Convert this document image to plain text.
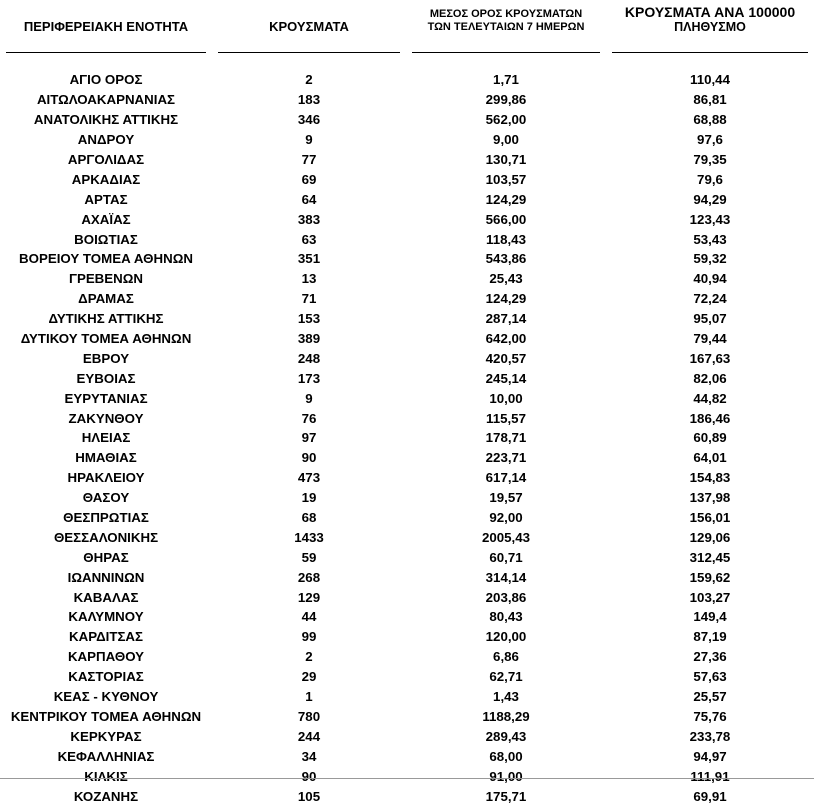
ΠΕΡΙΦΕΡΕΙΑΚΗ ΕΝΟΤΗΤΑ	ΚΡΟΥΣΜΑΤΑ	ΜΕΣΟΣ ΟΡΟΣ ΚΡΟΥΣΜΑΤΩΝ
ΤΩΝ ΤΕΛΕΥΤΑΙΩΝ 7 ΗΜΕΡΩΝ	ΚΡΟΥΣΜΑΤΑ ΑΝΑ 100000
ΠΛΗΘΥΣΜΟ

ΑΓΙΟ ΟΡΟΣ	2	1,71	110,44
ΑΙΤΩΛΟΑΚΑΡΝΑΝΙΑΣ	183	299,86	86,81
ΑΝΑΤΟΛΙΚΗΣ ΑΤΤΙΚΗΣ	346	562,00	68,88
ΑΝΔΡΟΥ	9	9,00	97,6
ΑΡΓΟΛΙΔΑΣ	77	130,71	79,35
ΑΡΚΑΔΙΑΣ	69	103,57	79,6
ΑΡΤΑΣ	64	124,29	94,29
ΑΧΑΪΑΣ	383	566,00	123,43
ΒΟΙΩΤΙΑΣ	63	118,43	53,43
ΒΟΡΕΙΟΥ ΤΟΜΕΑ ΑΘΗΝΩΝ	351	543,86	59,32
ΓΡΕΒΕΝΩΝ	13	25,43	40,94
ΔΡΑΜΑΣ	71	124,29	72,24
ΔΥΤΙΚΗΣ ΑΤΤΙΚΗΣ	153	287,14	95,07
ΔΥΤΙΚΟΥ ΤΟΜΕΑ ΑΘΗΝΩΝ	389	642,00	79,44
ΕΒΡΟΥ	248	420,57	167,63
ΕΥΒΟΙΑΣ	173	245,14	82,06
ΕΥΡΥΤΑΝΙΑΣ	9	10,00	44,82
ΖΑΚΥΝΘΟΥ	76	115,57	186,46
ΗΛΕΙΑΣ	97	178,71	60,89
ΗΜΑΘΙΑΣ	90	223,71	64,01
ΗΡΑΚΛΕΙΟΥ	473	617,14	154,83
ΘΑΣΟΥ	19	19,57	137,98
ΘΕΣΠΡΩΤΙΑΣ	68	92,00	156,01
ΘΕΣΣΑΛΟΝΙΚΗΣ	1433	2005,43	129,06
ΘΗΡΑΣ	59	60,71	312,45
ΙΩΑΝΝΙΝΩΝ	268	314,14	159,62
ΚΑΒΑΛΑΣ	129	203,86	103,27
ΚΑΛΥΜΝΟΥ	44	80,43	149,4
ΚΑΡΔΙΤΣΑΣ	99	120,00	87,19
ΚΑΡΠΑΘΟΥ	2	6,86	27,36
ΚΑΣΤΟΡΙΑΣ	29	62,71	57,63
ΚΕΑΣ - ΚΥΘΝΟΥ	1	1,43	25,57
ΚΕΝΤΡΙΚΟΥ ΤΟΜΕΑ ΑΘΗΝΩΝ	780	1188,29	75,76
ΚΕΡΚΥΡΑΣ	244	289,43	233,78
ΚΕΦΑΛΛΗΝΙΑΣ	34	68,00	94,97
ΚΙΛΚΙΣ	90	91,00	111,91
ΚΟΖΑΝΗΣ	105	175,71	69,91
